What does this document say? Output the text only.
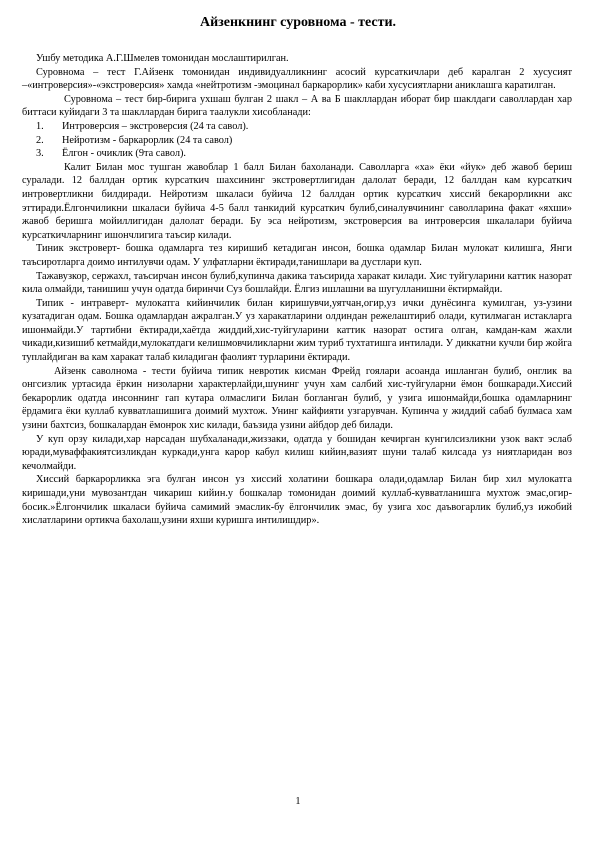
Айзенкнинг суровнома - тести.

Ушбу методика А.Г.Шмелев томонидан мослаштирилган.

Суровнома – тест Г.Айзенк томонидан индивидуалликнинг асосий курсаткичлари деб каралган 2 хусусият –«интроверсия»-«экстроверсия» хамда «нейтротизм -эмоцинал баркарорлик» каби хусусиятларни аниклашга каратилган.

Суровнома – тест бир-бирига ухшаш булган 2 шакл – А ва Б шакллардан иборат бир шаклдаги саволлардан хар биттаси куйидаги 3 та шакллардан бирига таалукли хисобланади:

1. Интроверсия – экстроверсия (24 та савол).
2. Нейротизм - баркарорлик (24 та савол)
3. Ёлгон - очиклик (9та савол).

Калит Билан мос тушган жавоблар 1 балл Билан бахоланади. Саволларга «ха» ёки «йук» деб жавоб бериш суралади. 12 баллдан ортик курсаткич шахсининг экстровертлигидан далолат беради, 12 баллдан кам курсаткич интровертликни билдиради. Нейротизм шкаласи буйича 12 баллдан ортик курсаткич хиссий бекарорликни акс эттиради.Ёлгончиликни шкаласи буйича 4-5 балл танкидий курсаткич булиб,синалувчининг саволларина факат «яхши» жавоб беришга мойиллигидан далолат беради. Бу эса нейротизм, экстроверсия ва интроверсия шкалалари буйича курсаткичларнинг ишончлигига таъсир килади.

Тиник экстроверт- бошка одамларга тез киришиб кетадиган инсон, бошка одамлар Билан мулокат килишга, Янги таъсиротларга доимо интилувчи одам. У улфатларни ёктиради,танишлари ва дустлари куп.

Тажавузкор, сержахл, таъсирчан инсон булиб,купинча дакика таъсирида харакат килади. Хис туйгуларини каттик назорат кила олмайди, танишиш учун одатда биринчи Суз бошлайди. Ёлгиз ишлашни ва шугулланишни ёктирмайди.

Типик - интраверт- мулокатга кийинчилик билан киришувчи,уятчан,огир,уз ички дунёсинга кумилган, уз-узини кузатадиган одам. Бошка одамлардан ажралган.У уз харакатларини олдиндан режелаштириб олади, кутилмаган истакларга ишонмайди.У тартибни ёктиради,хаётда жиддий,хис-туйгуларини каттик назорат остига олган, камдан-кам жахли чикади,кизишиб кетмайди,мулокатдаги келишмовчиликларни жим туриб тухтатишга интилади. У диккатни кучли бир жойга туплайдиган ва кам харакат талаб киладиган фаолият турларини ёктиради.

Айзенк саволнома - тести буйича типик невротик кисман Фрейд гоялари асоанда ишланган булиб, онглик ва онгсизлик уртасида ёркин низоларни характерлайди,шунинг учун хам салбий хис-туйгуларни ёмон бошкаради.Хиссий бекарорлик одатда инсоннинг гап кутара олмаслиги Билан богланган булиб, у узига ишонмайди,бошка одамларнинг ёрдамига ёки куллаб кувватлашишига доимий мухтож. Унинг кайфияти узгарувчан. Купинча у жиддий сабаб булмаса хам узини бахтсиз, бошкалардан ёмонрок хис килади, баъзида узини айбдор деб билади.

У куп орзу килади,хар нарсадан шубхаланади,жиззаки, одатда у бошидан кечирган кунгилсизликни узок вакт эслаб юради,муваффакиятсизликдан куркади,унга карор кабул килиш кийин,вазият шуни талаб килсада уз ниятларидан воз кечолмайди.

Хиссий баркарорликка эга булган инсон уз хиссий холатини бошкара олади,одамлар Билан бир хил мулокатга киришади,уни мувозантдан чикариш кийин.у бошкалар томонидан доимий куллаб-кувватланишга мухтож эмас,огир-босик.»Ёлгончилик шкаласи буйича самимий эмаслик-бу ёлгончилик эмас, бу узига хос даъвогарлик булиб,уз ижобий хислатларини ортикча бахолаш,узини яхши куришга интилишдир».

1
